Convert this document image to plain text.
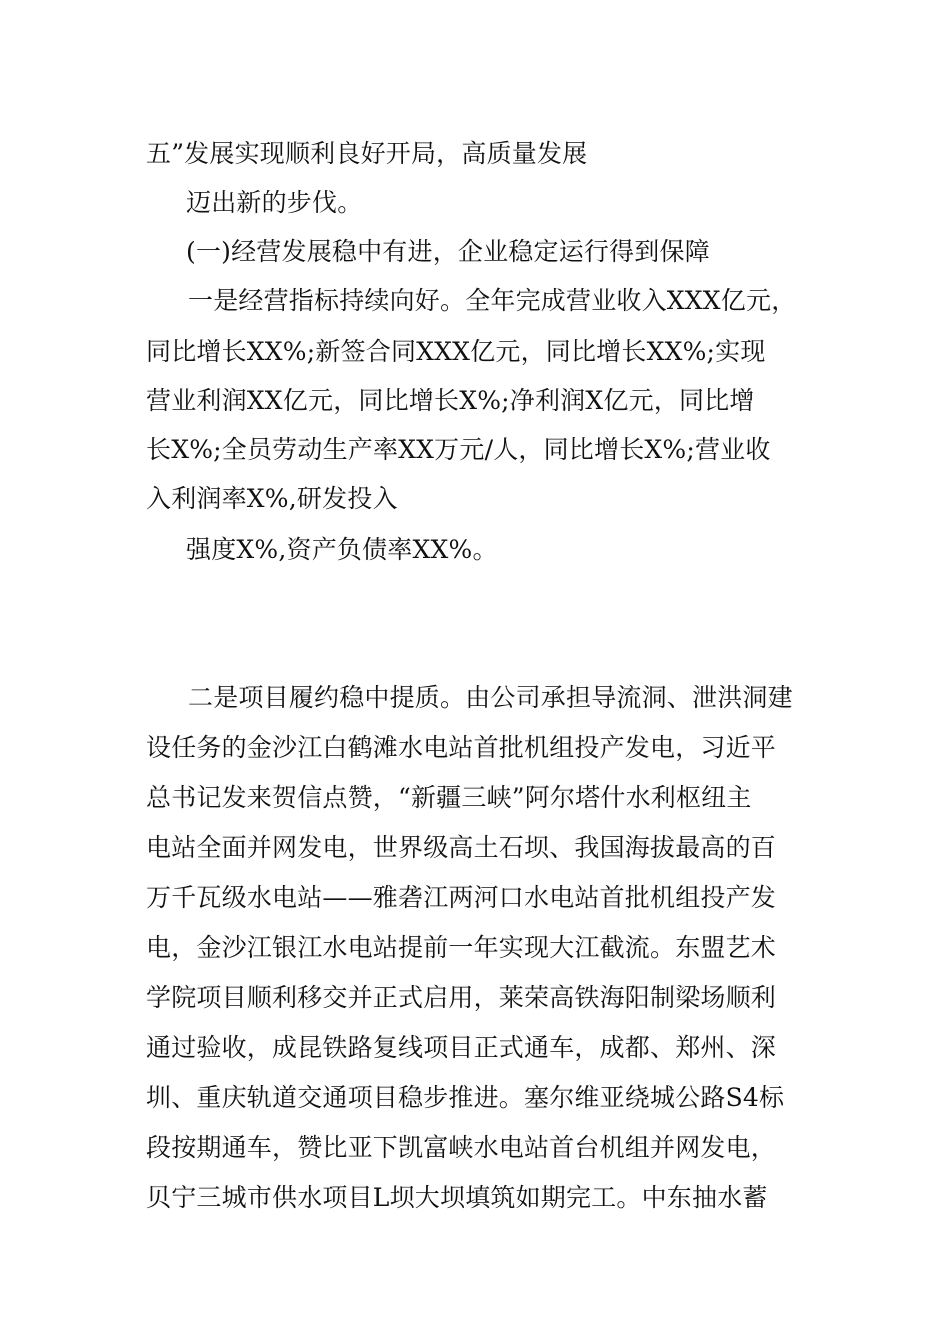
五”发展实现顺利良好开局，高质量发展
迈出新的步伐。
(一)经营发展稳中有进，企业稳定运行得到保障
一是经营指标持续向好。全年完成营业收入XXX亿元，
同比增长XX%;新签合同XXX亿元，同比增长XX%;实现
营业利润XX亿元，同比增长X%;净利润X亿元，同比增
长X%;全员劳动生产率XX万元/人，同比增长X%;营业收
入利润率X%,研发投入
强度X%,资产负债率XX%。
二是项目履约稳中提质。由公司承担导流洞、泄洪洞建
设任务的金沙江白鹤滩水电站首批机组投产发电，习近平
总书记发来贺信点赞，“新疆三峡”阿尔塔什水利枢纽主
电站全面并网发电，世界级高土石坝、我国海拔最高的百
万千瓦级水电站——雅砻江两河口水电站首批机组投产发
电，金沙江银江水电站提前一年实现大江截流。东盟艺术
学院项目顺利移交并正式启用，莱荣高铁海阳制梁场顺利
通过验收，成昆铁路复线项目正式通车，成都、郑州、深
圳、重庆轨道交通项目稳步推进。塞尔维亚绕城公路S4标
段按期通车，赞比亚下凯富峡水电站首台机组并网发电，
贝宁三城市供水项目L坝大坝填筑如期完工。中东抽水蓄
